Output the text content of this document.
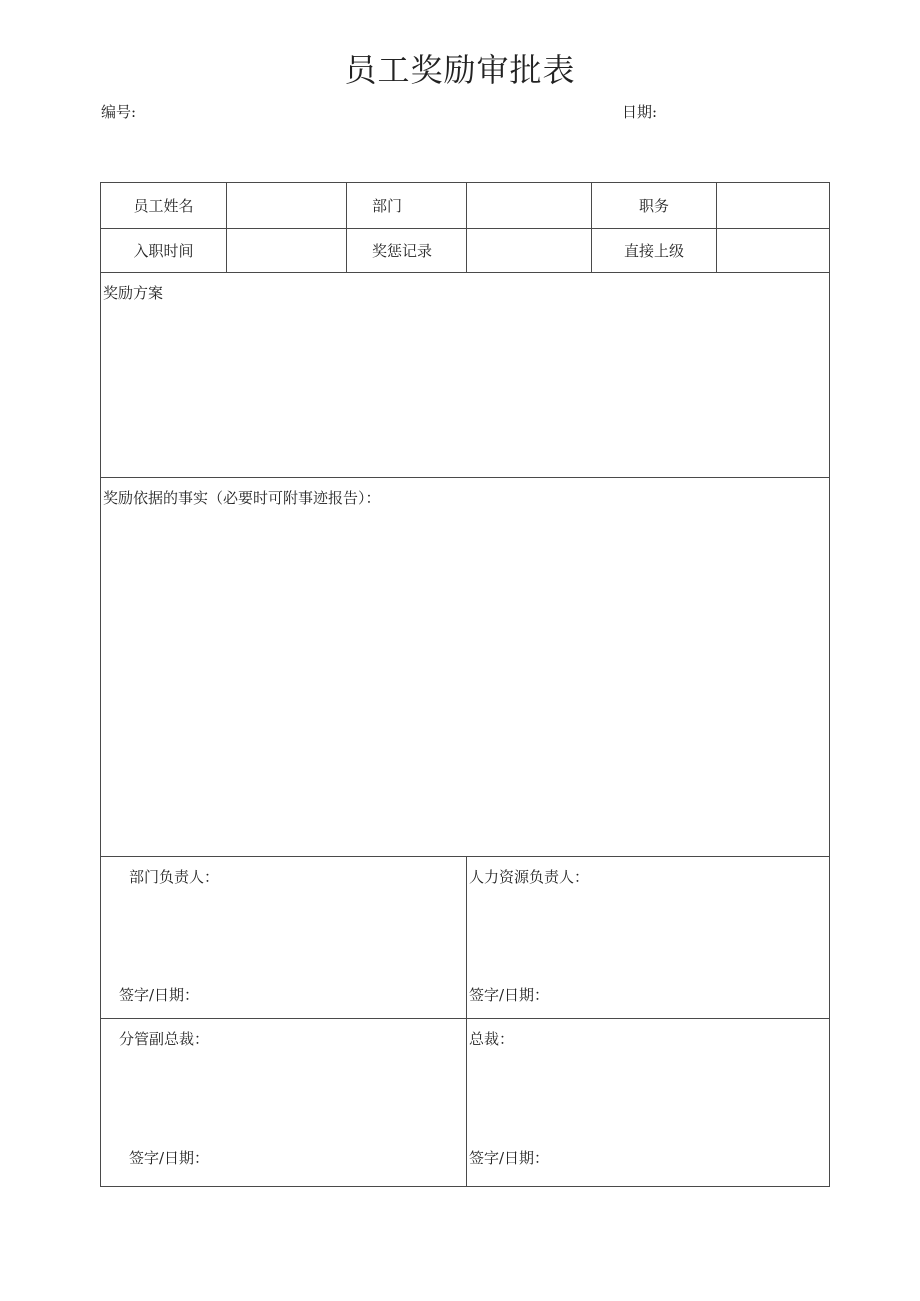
员工奖励审批表
编号:	日期:
员工姓名	部门	职务
入职时间	奖惩记录	直接上级
奖励方案
奖励依据的事实（必要时可附事迹报告）：
部门负责人：
签字/日期：
人力资源负责人：
签字/日期：
分管副总裁：
签字/日期：
总裁：
签字/日期：
